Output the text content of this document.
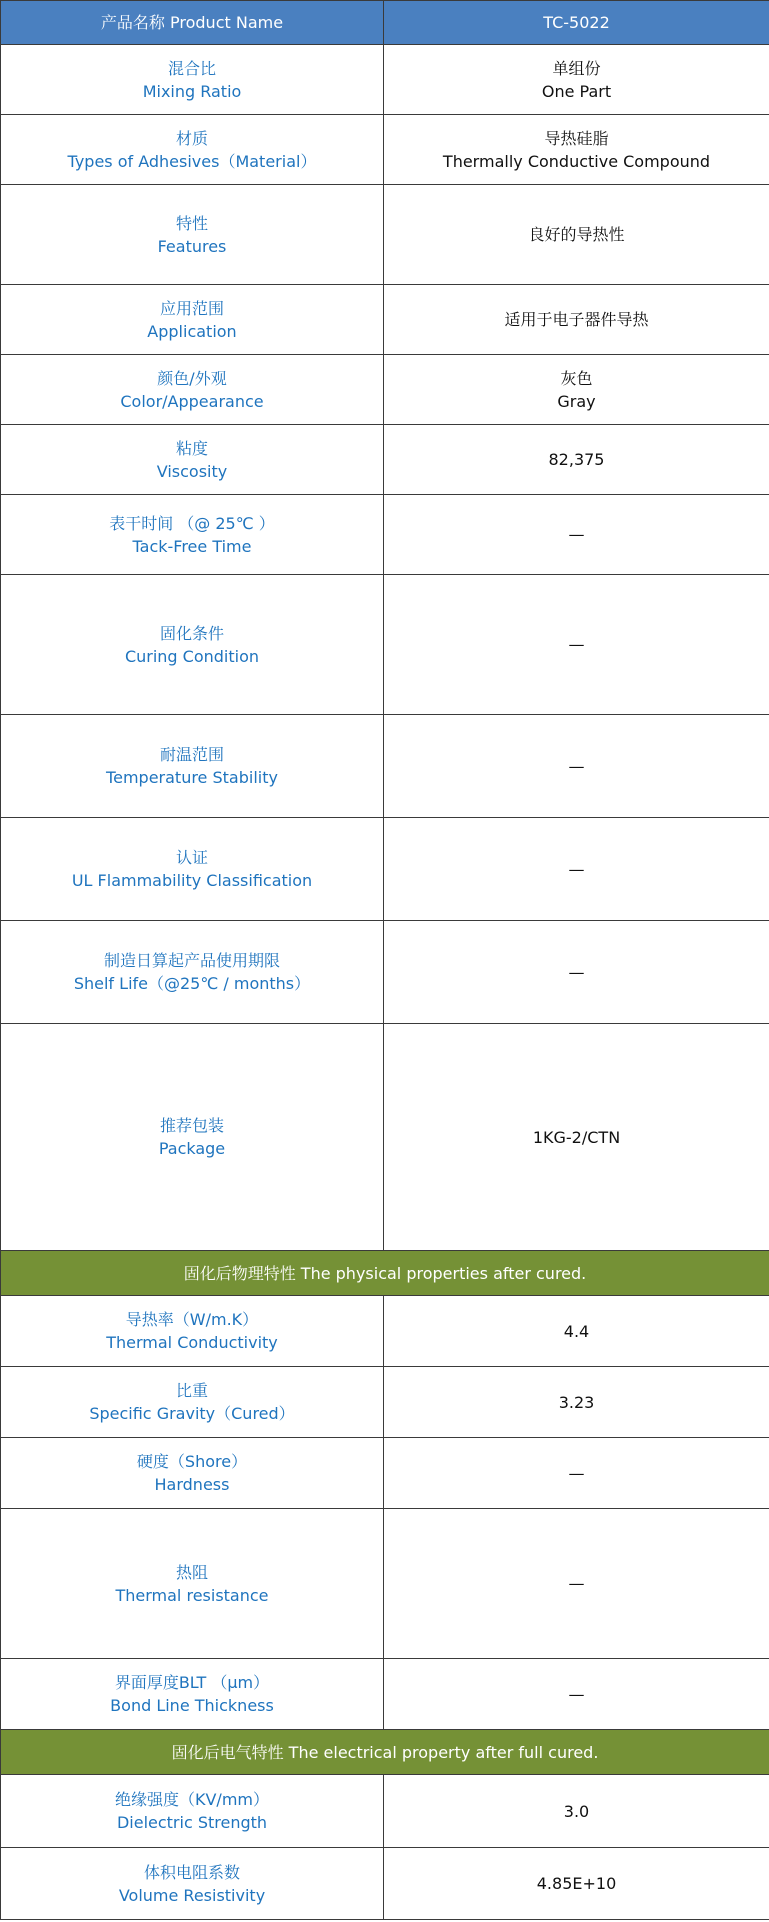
产品名称 Product Name	TC-5022

混合比
Mixing Ratio	单组份
One Part

材质
Types of Adhesives（Material）	导热硅脂
Thermally Conductive Compound

特性
Features	良好的导热性

应用范围
Application	适用于电子器件导热

颜色/外观
Color/Appearance	灰色
Gray

粘度
Viscosity	82,375

表干时间 （@ 25℃ ）
Tack-Free Time	—

固化条件
Curing Condition	—

耐温范围
Temperature Stability	—

认证
UL Flammability Classification	—

制造日算起产品使用期限
Shelf Life（@25℃ / months）	—

推荐包装
Package	1KG-2/CTN

固化后物理特性 The physical properties after cured.	

导热率（W/m.K）
Thermal Conductivity	4.4

比重
Specific Gravity（Cured）	3.23

硬度（Shore）
Hardness	—

热阻
Thermal resistance	—

界面厚度BLT （μm）
Bond Line Thickness	—

固化后电气特性 The electrical property after full cured.	

绝缘强度（KV/mm）
Dielectric Strength	3.0

体积电阻系数
Volume Resistivity	4.85E+10
